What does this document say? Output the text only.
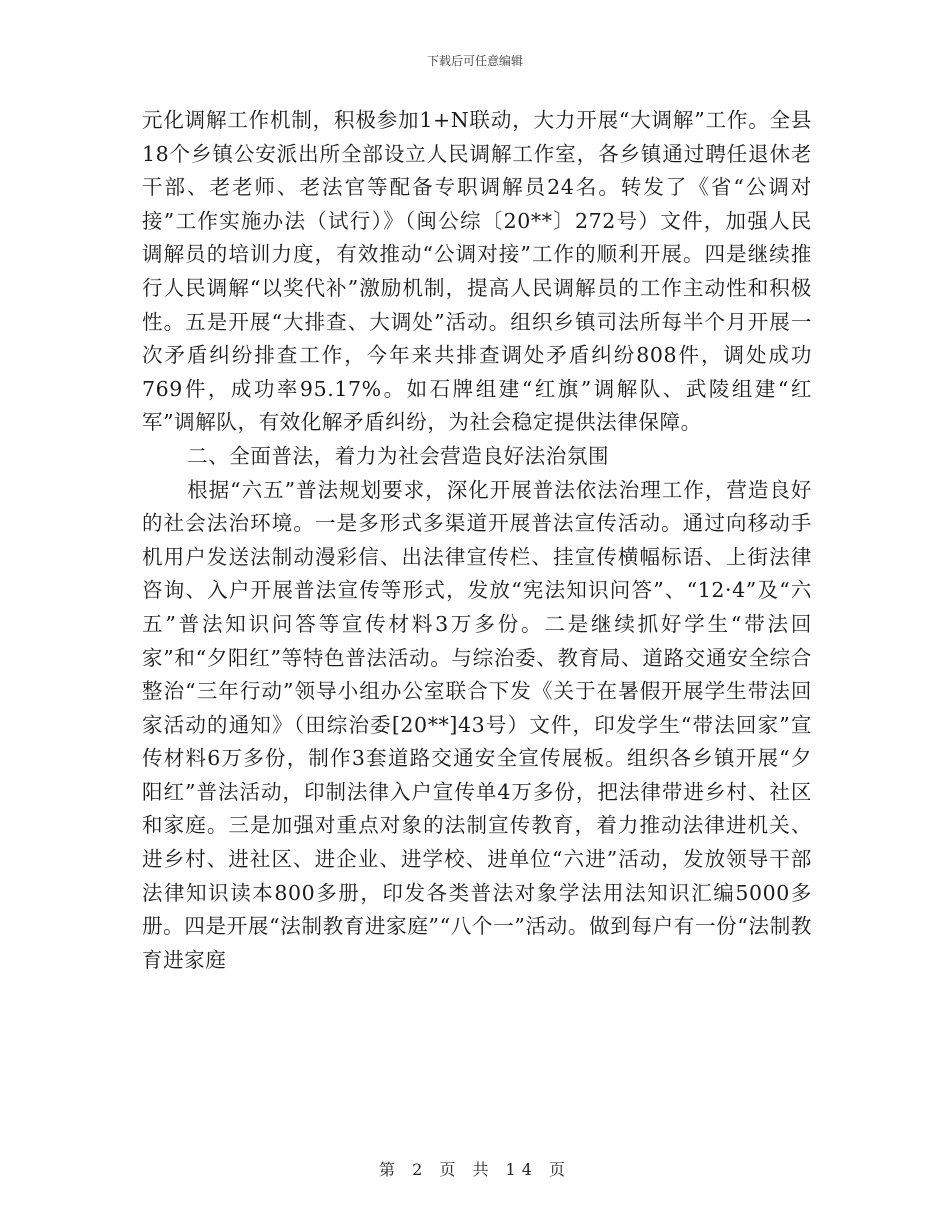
下载后可任意编辑

元化调解工作机制，积极参加1+N联动，大力开展“大调解”工作。全县18个乡镇公安派出所全部设立人民调解工作室，各乡镇通过聘任退休老干部、老老师、老法官等配备专职调解员24名。转发了《省“公调对接”工作实施办法（试行）》（闽公综〔20**〕272号）文件，加强人民调解员的培训力度，有效推动“公调对接”工作的顺利开展。四是继续推行人民调解“以奖代补”激励机制，提高人民调解员的工作主动性和积极性。五是开展“大排查、大调处”活动。组织乡镇司法所每半个月开展一次矛盾纠纷排查工作，今年来共排查调处矛盾纠纷808件，调处成功769件，成功率95.17%。如石牌组建“红旗”调解队、武陵组建“红军”调解队，有效化解矛盾纠纷，为社会稳定提供法律保障。

二、全面普法，着力为社会营造良好法治氛围

根据“六五”普法规划要求，深化开展普法依法治理工作，营造良好的社会法治环境。一是多形式多渠道开展普法宣传活动。通过向移动手机用户发送法制动漫彩信、出法律宣传栏、挂宣传横幅标语、上街法律咨询、入户开展普法宣传等形式，发放“宪法知识问答”、“12·4”及“六五”普法知识问答等宣传材料3万多份。二是继续抓好学生“带法回家”和“夕阳红”等特色普法活动。与综治委、教育局、道路交通安全综合整治“三年行动”领导小组办公室联合下发《关于在暑假开展学生带法回家活动的通知》（田综治委[20**]43号）文件，印发学生“带法回家”宣传材料6万多份，制作3套道路交通安全宣传展板。组织各乡镇开展“夕阳红”普法活动，印制法律入户宣传单4万多份，把法律带进乡村、社区和家庭。三是加强对重点对象的法制宣传教育，着力推动法律进机关、进乡村、进社区、进企业、进学校、进单位“六进”活动，发放领导干部法律知识读本800多册，印发各类普法对象学法用法知识汇编5000多册。四是开展“法制教育进家庭”“八个一”活动。做到每户有一份“法制教育进家庭

第 2 页 共 14 页
